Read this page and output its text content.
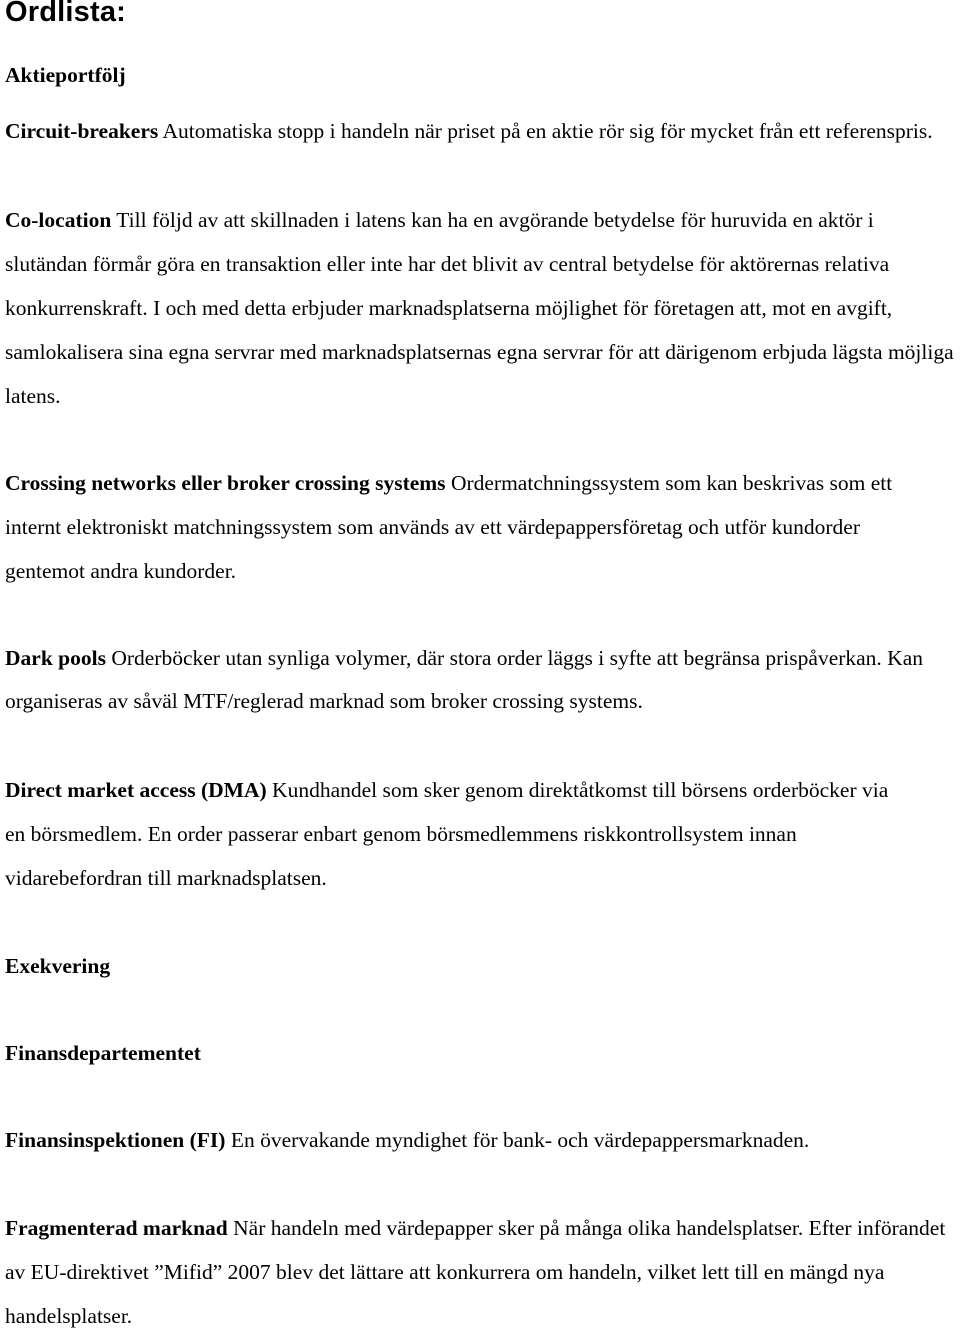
Ordlista:

Aktieportfölj

Circuit-breakers Automatiska stopp i handeln när priset på en aktie rör sig för mycket från ett referenspris.

Co-location Till följd av att skillnaden i latens kan ha en avgörande betydelse för huruvida en aktör i slutändan förmår göra en transaktion eller inte har det blivit av central betydelse för aktörernas relativa konkurrenskraft. I och med detta erbjuder marknadsplatserna möjlighet för företagen att, mot en avgift, samlokalisera sina egna servrar med marknadsplatsernas egna servrar för att därigenom erbjuda lägsta möjliga latens.

Crossing networks eller broker crossing systems Ordermatchningssystem som kan beskrivas som ett internt elektroniskt matchningssystem som används av ett värdepappersföretag och utför kundorder gentemot andra kundorder.

Dark pools Orderböcker utan synliga volymer, där stora order läggs i syfte att begränsa prispåverkan. Kan organiseras av såväl MTF/reglerad marknad som broker crossing systems.

Direct market access (DMA) Kundhandel som sker genom direktåtkomst till börsens orderböcker via en börsmedlem. En order passerar enbart genom börsmedlemmens riskkontrollsystem innan vidarebefordran till marknadsplatsen.

Exekvering

Finansdepartementet

Finansinspektionen (FI) En övervakande myndighet för bank- och värdepappersmarknaden.

Fragmenterad marknad När handeln med värdepapper sker på många olika handelsplatser. Efter införandet av EU-direktivet ”Mifid” 2007 blev det lättare att konkurrera om handeln, vilket lett till en mängd nya handelsplatser.
